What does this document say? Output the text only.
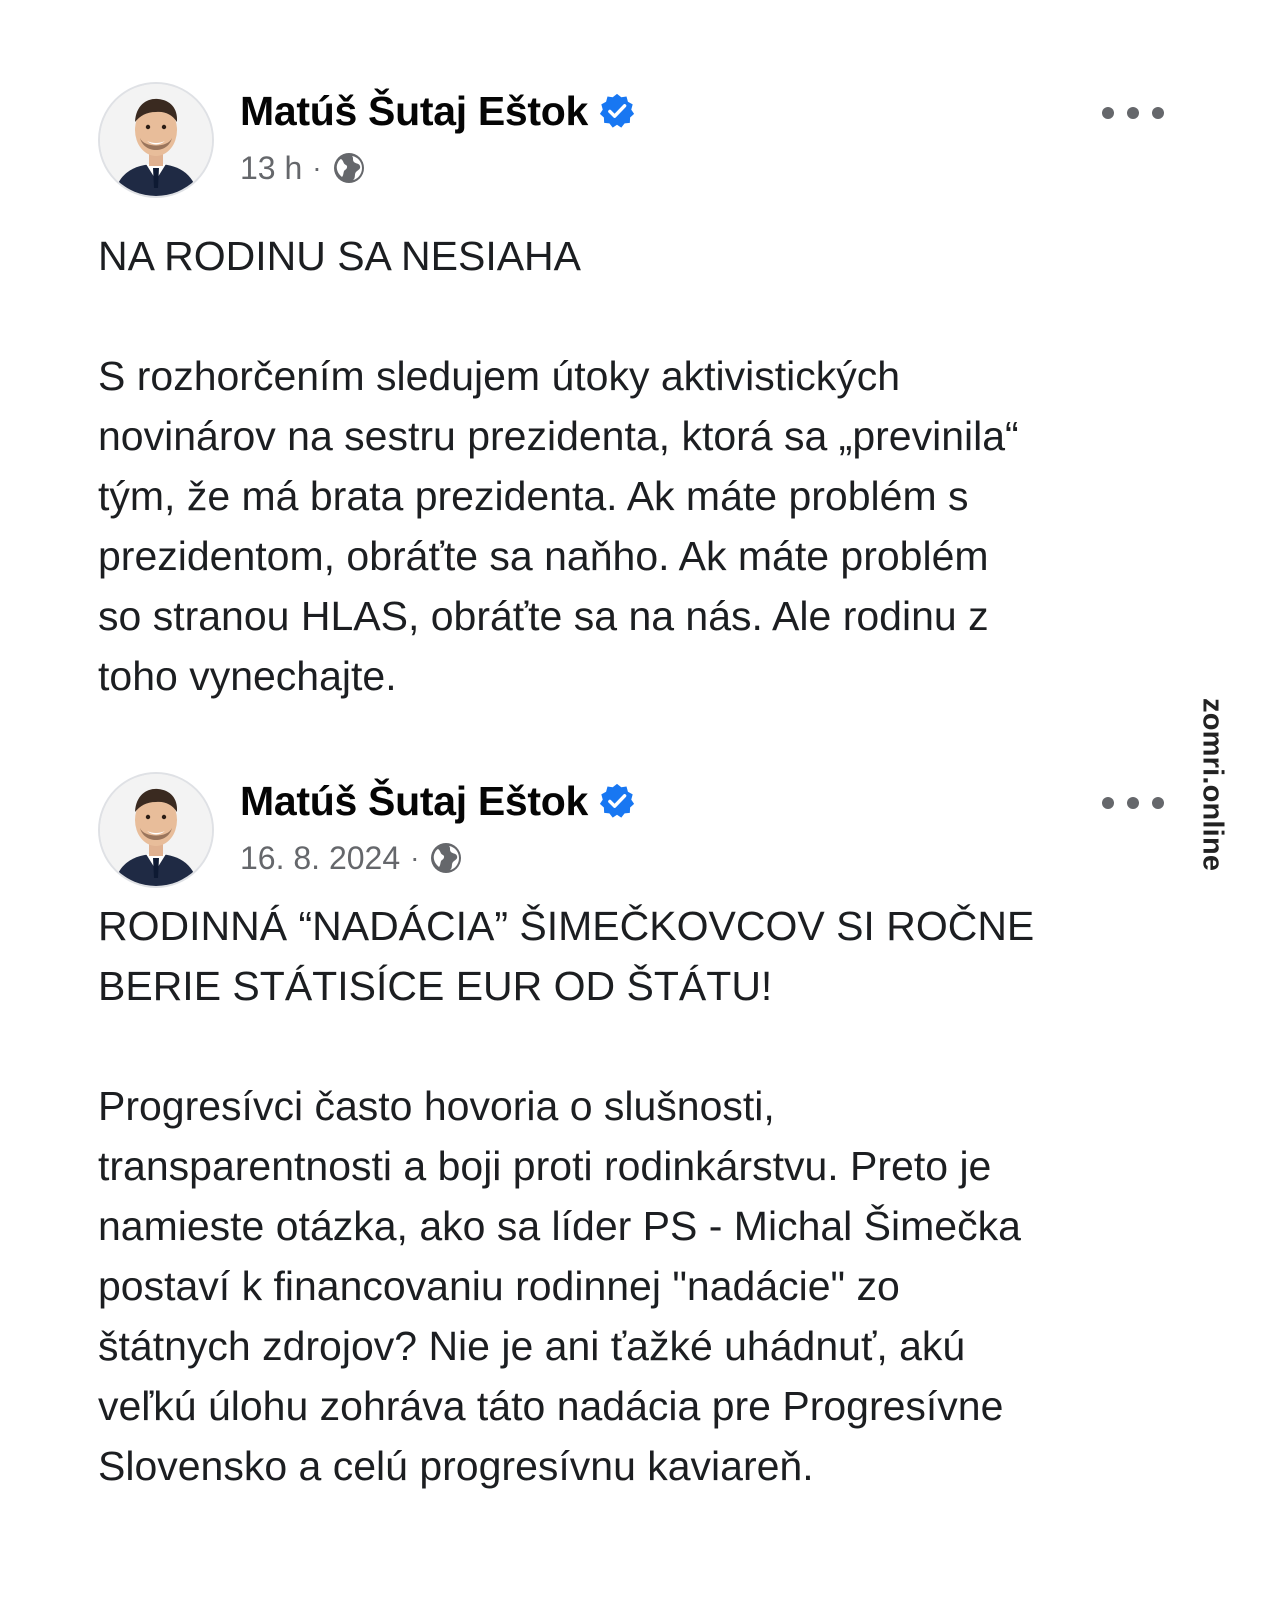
Matúš Šutaj Eštok
13 h ·
NA RODINU SA NESIAHA
S rozhorčením sledujem útoky aktivistických
novinárov na sestru prezidenta, ktorá sa „previnila“
tým, že má brata prezidenta. Ak máte problém s
prezidentom, obráťte sa naňho. Ak máte problém
so stranou HLAS, obráťte sa na nás. Ale rodinu z
toho vynechajte.
Matúš Šutaj Eštok
16. 8. 2024 ·
RODINNÁ “NADÁCIA” ŠIMEČKOVCOV SI ROČNE
BERIE STÁTISÍCE EUR OD ŠTÁTU!
Progresívci často hovoria o slušnosti,
transparentnosti a boji proti rodinkárstvu. Preto je
namieste otázka, ako sa líder PS - Michal Šimečka
postaví k financovaniu rodinnej "nadácie" zo
štátnych zdrojov? Nie je ani ťažké uhádnuť, akú
veľkú úlohu zohráva táto nadácia pre Progresívne
Slovensko a celú progresívnu kaviareň.
zomri.online
